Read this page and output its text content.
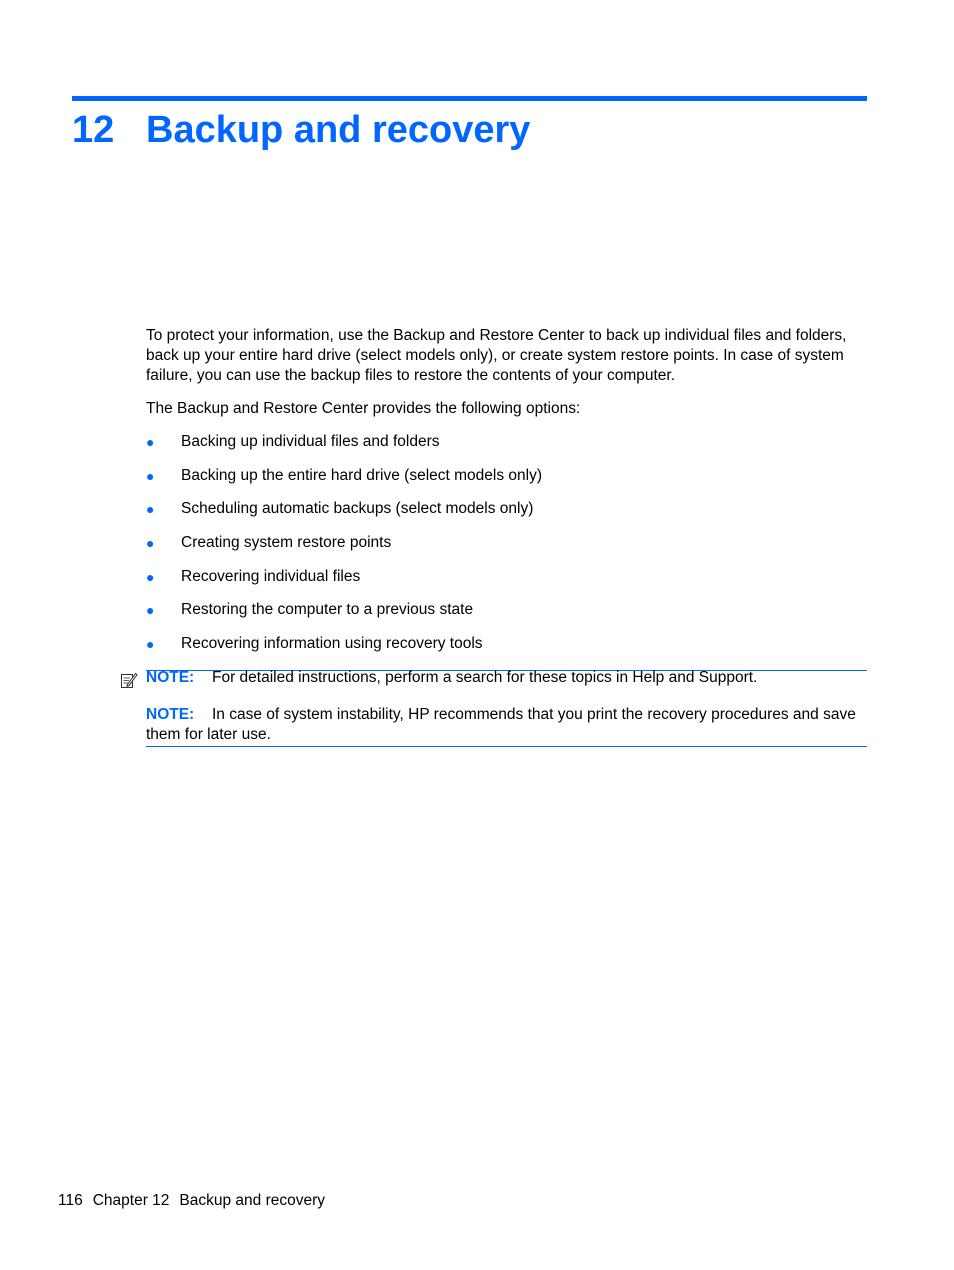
12 Backup and recovery

To protect your information, use the Backup and Restore Center to back up individual files and folders, back up your entire hard drive (select models only), or create system restore points. In case of system failure, you can use the backup files to restore the contents of your computer.

The Backup and Restore Center provides the following options:

● Backing up individual files and folders
● Backing up the entire hard drive (select models only)
● Scheduling automatic backups (select models only)
● Creating system restore points
● Recovering individual files
● Restoring the computer to a previous state
● Recovering information using recovery tools

NOTE: For detailed instructions, perform a search for these topics in Help and Support.

NOTE: In case of system instability, HP recommends that you print the recovery procedures and save them for later use.

116 Chapter 12 Backup and recovery
